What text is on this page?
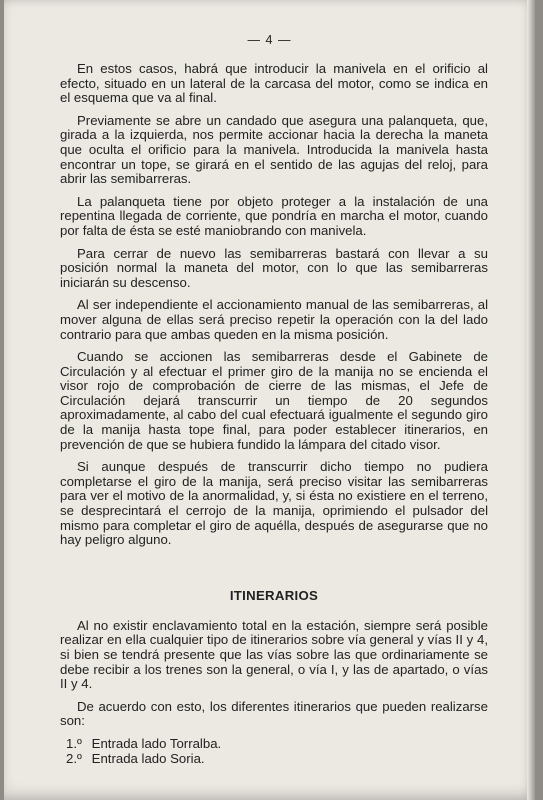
— 4 —

En estos casos, habrá que introducir la manivela en el orificio al efecto, situado en un lateral de la carcasa del motor, como se indica en el esquema que va al final.

Previamente se abre un candado que asegura una palanqueta, que, girada a la izquierda, nos permite accionar hacia la derecha la maneta que oculta el orificio para la manivela. Introducida la manivela hasta encontrar un tope, se girará en el sentido de las agujas del reloj, para abrir las semibarreras.

La palanqueta tiene por objeto proteger a la instalación de una repentina llegada de corriente, que pondría en marcha el motor, cuando por falta de ésta se esté maniobrando con manivela.

Para cerrar de nuevo las semibarreras bastará con llevar a su posición normal la maneta del motor, con lo que las semibarreras iniciarán su descenso.

Al ser independiente el accionamiento manual de las semibarreras, al mover alguna de ellas será preciso repetir la operación con la del lado contrario para que ambas queden en la misma posición.

Cuando se accionen las semibarreras desde el Gabinete de Circulación y al efectuar el primer giro de la manija no se encienda el visor rojo de comprobación de cierre de las mismas, el Jefe de Circulación dejará transcurrir un tiempo de 20 segundos aproximadamente, al cabo del cual efectuará igualmente el segundo giro de la manija hasta tope final, para poder establecer itinerarios, en prevención de que se hubiera fundido la lámpara del citado visor.

Si aunque después de transcurrir dicho tiempo no pudiera completarse el giro de la manija, será preciso visitar las semibarreras para ver el motivo de la anormalidad, y, si ésta no existiere en el terreno, se desprecintará el cerrojo de la manija, oprimiendo el pulsador del mismo para completar el giro de aquélla, después de asegurarse que no hay peligro alguno.

ITINERARIOS

Al no existir enclavamiento total en la estación, siempre será posible realizar en ella cualquier tipo de itinerarios sobre vía general y vías II y 4, si bien se tendrá presente que las vías sobre las que ordinariamente se debe recibir a los trenes son la general, o vía I, y las de apartado, o vías II y 4.

De acuerdo con esto, los diferentes itinerarios que pueden realizarse son:

1.º Entrada lado Torralba.
2.º Entrada lado Soria.
